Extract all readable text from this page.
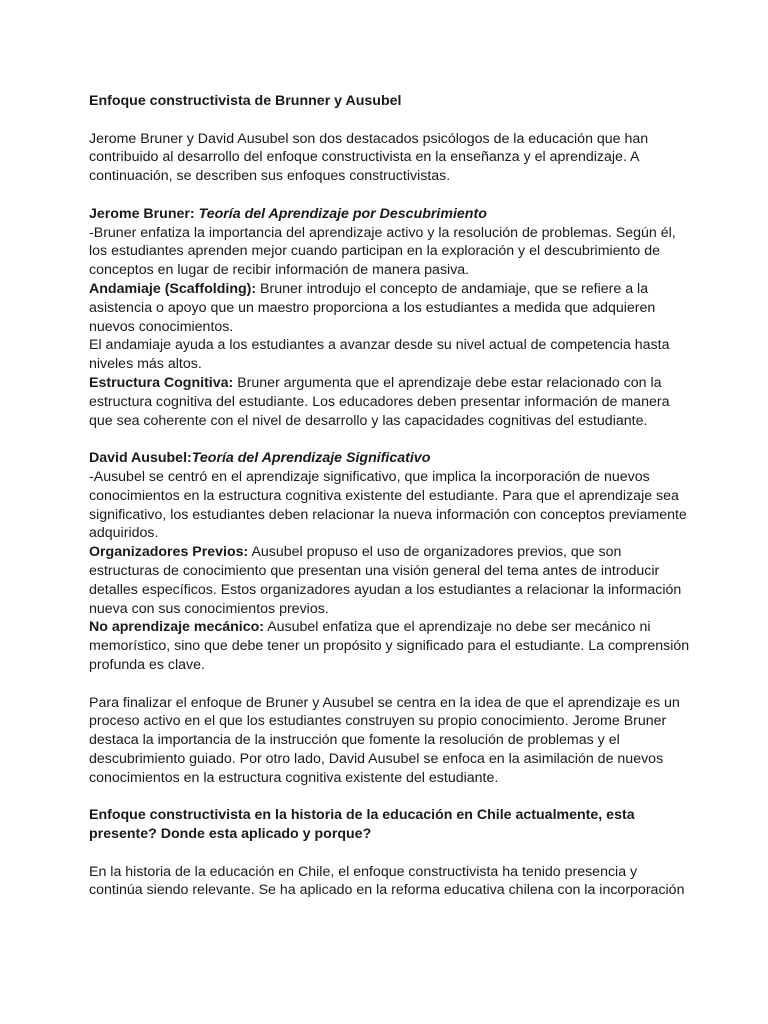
Enfoque constructivista de Brunner y Ausubel
Jerome Bruner y David Ausubel son dos destacados psicólogos de la educación que han
contribuido al desarrollo del enfoque constructivista en la enseñanza y el aprendizaje. A
continuación, se describen sus enfoques constructivistas.
Jerome Bruner: Teoría del Aprendizaje por Descubrimiento
-Bruner enfatiza la importancia del aprendizaje activo y la resolución de problemas. Según él,
los estudiantes aprenden mejor cuando participan en la exploración y el descubrimiento de
conceptos en lugar de recibir información de manera pasiva.
Andamiaje (Scaffolding): Bruner introdujo el concepto de andamiaje, que se refiere a la
asistencia o apoyo que un maestro proporciona a los estudiantes a medida que adquieren
nuevos conocimientos.
El andamiaje ayuda a los estudiantes a avanzar desde su nivel actual de competencia hasta
niveles más altos.
Estructura Cognitiva: Bruner argumenta que el aprendizaje debe estar relacionado con la
estructura cognitiva del estudiante. Los educadores deben presentar información de manera
que sea coherente con el nivel de desarrollo y las capacidades cognitivas del estudiante.
David Ausubel:Teoría del Aprendizaje Significativo
-Ausubel se centró en el aprendizaje significativo, que implica la incorporación de nuevos
conocimientos en la estructura cognitiva existente del estudiante. Para que el aprendizaje sea
significativo, los estudiantes deben relacionar la nueva información con conceptos previamente
adquiridos.
Organizadores Previos: Ausubel propuso el uso de organizadores previos, que son
estructuras de conocimiento que presentan una visión general del tema antes de introducir
detalles específicos. Estos organizadores ayudan a los estudiantes a relacionar la información
nueva con sus conocimientos previos.
No aprendizaje mecánico: Ausubel enfatiza que el aprendizaje no debe ser mecánico ni
memorístico, sino que debe tener un propósito y significado para el estudiante. La comprensión
profunda es clave.
Para finalizar el enfoque de Bruner y Ausubel se centra en la idea de que el aprendizaje es un
proceso activo en el que los estudiantes construyen su propio conocimiento. Jerome Bruner
destaca la importancia de la instrucción que fomente la resolución de problemas y el
descubrimiento guiado. Por otro lado, David Ausubel se enfoca en la asimilación de nuevos
conocimientos en la estructura cognitiva existente del estudiante.
Enfoque constructivista en la historia de la educación en Chile actualmente, esta
presente? Donde esta aplicado y porque?
En la historia de la educación en Chile, el enfoque constructivista ha tenido presencia y
continúa siendo relevante. Se ha aplicado en la reforma educativa chilena con la incorporación
